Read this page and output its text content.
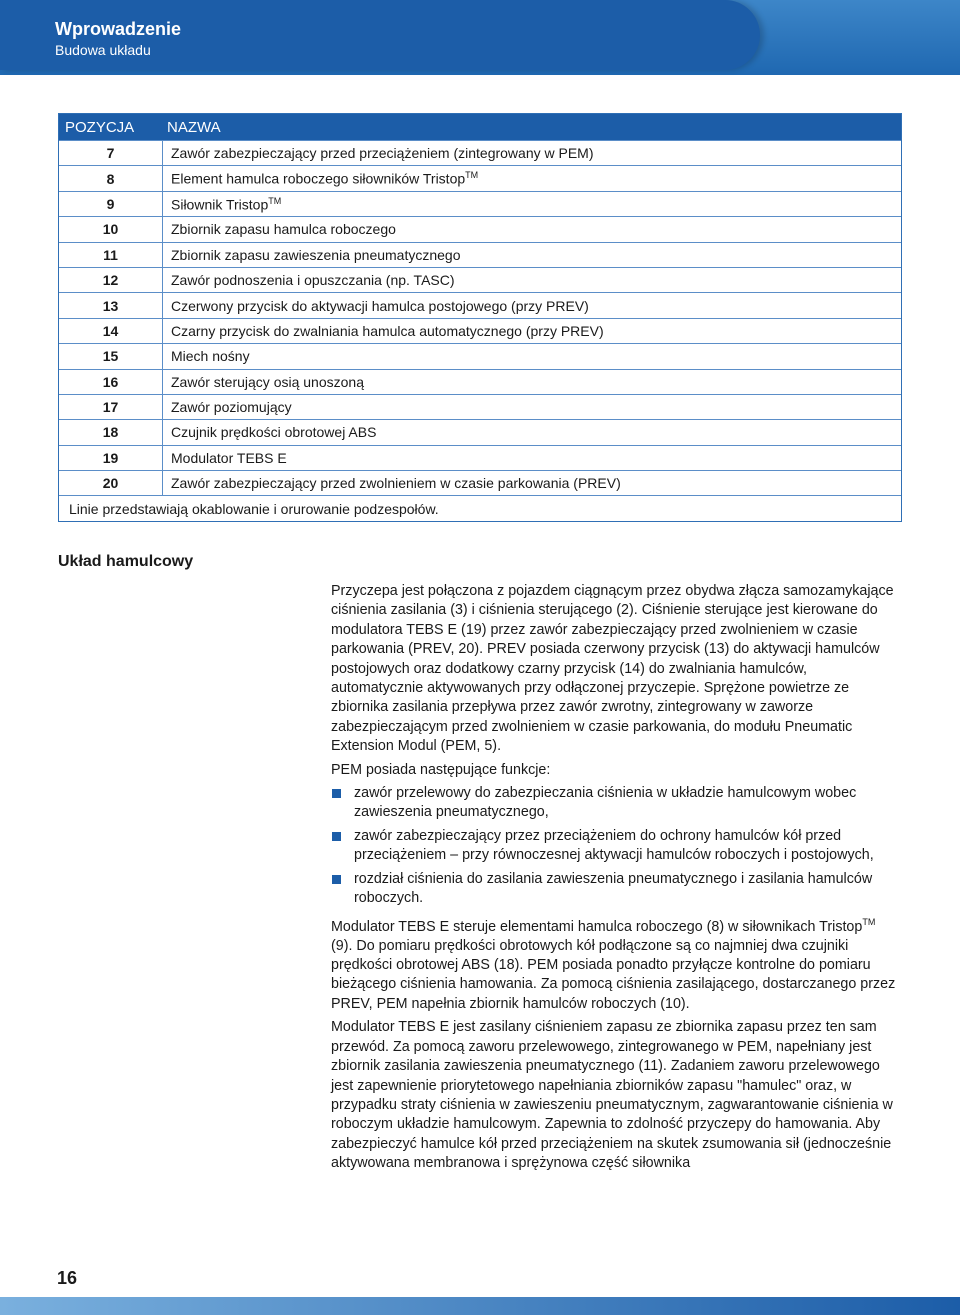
Wprowadzenie
Budowa układu
POZYCJA	NAZWA
7	Zawór zabezpieczający przed przeciążeniem (zintegrowany w PEM)
8	Element hamulca roboczego siłowników Tristop™
9	Siłownik Tristop™
10	Zbiornik zapasu hamulca roboczego
11	Zbiornik zapasu zawieszenia pneumatycznego
12	Zawór podnoszenia i opuszczania (np. TASC)
13	Czerwony przycisk do aktywacji hamulca postojowego (przy PREV)
14	Czarny przycisk do zwalniania hamulca automatycznego (przy PREV)
15	Miech nośny
16	Zawór sterujący osią unoszoną
17	Zawór poziomujący
18	Czujnik prędkości obrotowej ABS
19	Modulator TEBS E
20	Zawór zabezpieczający przed zwolnieniem w czasie parkowania (PREV)
Linie przedstawiają okablowanie i orurowanie podzespołów.
Układ hamulcowy

Przyczepa jest połączona z pojazdem ciągnącym przez obydwa złącza samozamykające ciśnienia zasilania (3) i ciśnienia sterującego (2). Ciśnienie sterujące jest kierowane do modulatora TEBS E (19) przez zawór zabezpieczający przed zwolnieniem w czasie parkowania (PREV, 20). PREV posiada czerwony przycisk (13) do aktywacji hamulców postojowych oraz dodatkowy czarny przycisk (14) do zwalniania hamulców, automatycznie aktywowanych przy odłączonej przyczepie. Sprężone powietrze ze zbiornika zasilania przepływa przez zawór zwrotny, zintegrowany w zaworze zabezpieczającym przed zwolnieniem w czasie parkowania, do modułu Pneumatic Extension Modul (PEM, 5).

PEM posiada następujące funkcje:

zawór przelewowy do zabezpieczania ciśnienia w układzie hamulcowym wobec zawieszenia pneumatycznego,
zawór zabezpieczający przez przeciążeniem do ochrony hamulców kół przed przeciążeniem – przy równoczesnej aktywacji hamulców roboczych i postojowych,
rozdział ciśnienia do zasilania zawieszenia pneumatycznego i zasilania hamulców roboczych.

Modulator TEBS E steruje elementami hamulca roboczego (8) w siłownikach Tristop™ (9). Do pomiaru prędkości obrotowych kół podłączone są co najmniej dwa czujniki prędkości obrotowej ABS (18). PEM posiada ponadto przyłącze kontrolne do pomiaru bieżącego ciśnienia hamowania. Za pomocą ciśnienia zasilającego, dostarczanego przez PREV, PEM napełnia zbiornik hamulców roboczych (10).

Modulator TEBS E jest zasilany ciśnieniem zapasu ze zbiornika zapasu przez ten sam przewód. Za pomocą zaworu przelewowego, zintegrowanego w PEM, napełniany jest zbiornik zasilania zawieszenia pneumatycznego (11). Zadaniem zaworu przelewowego jest zapewnienie priorytetowego napełniania zbiorników zapasu "hamulec" oraz, w przypadku straty ciśnienia w zawieszeniu pneumatycznym, zagwarantowanie ciśnienia w roboczym układzie hamulcowym. Zapewnia to zdolność przyczepy do hamowania. Aby zabezpieczyć hamulce kół przed przeciążeniem na skutek zsumowania sił (jednocześnie aktywowana membranowa i sprężynowa część siłownika

16
